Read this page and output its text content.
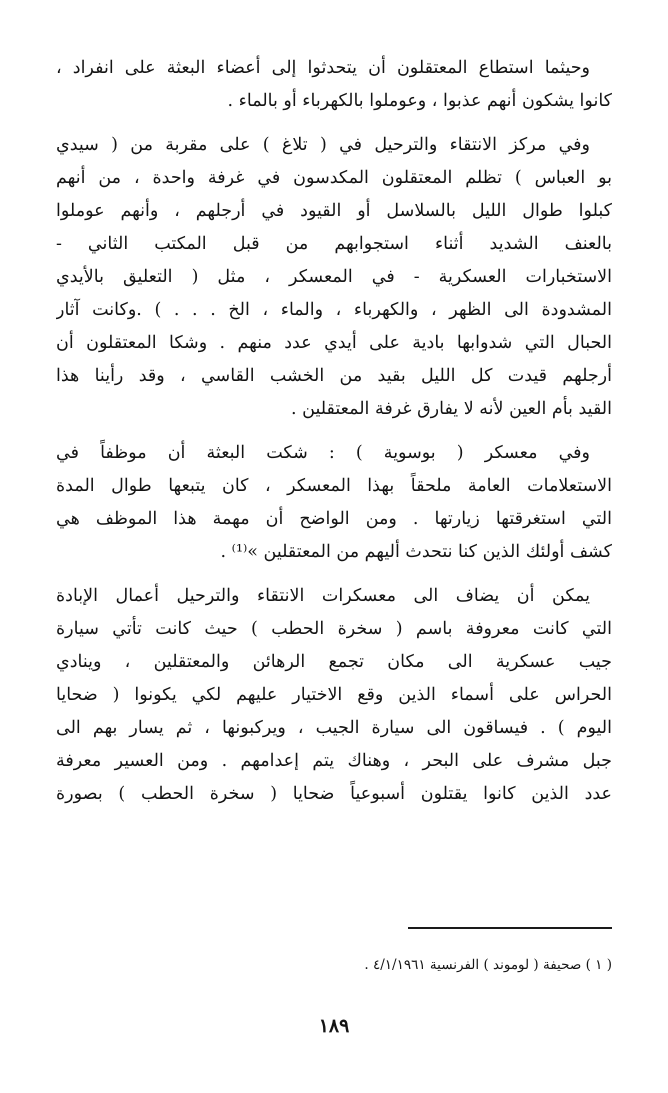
وحيثما استطاع المعتقلون أن يتحدثوا إلى أعضاء البعثة على انفراد ،
كانوا يشكون أنهم عذبوا ، وعوملوا بالكهرباء أو بالماء .
وفي مركز الانتقاء والترحيل في ( تلاغ ) على مقربة من ( سيدي
بو العباس ) تظلم المعتقلون المكدسون في غرفة واحدة ، من أنهم
كبلوا طوال الليل بالسلاسل أو القيود في أرجلهم ، وأنهم عوملوا
بالعنف الشديد أثناء استجوابهم من قبل المكتب الثاني -
الاستخبارات العسكرية - في المعسكر ، مثل ( التعليق بالأيدي
المشدودة الى الظهر ، والكهرباء ، والماء ، الخ . . . ) .وكانت آثار
الحبال التي شدوابها بادية على أيدي عدد منهم . وشكا المعتقلون أن
أرجلهم قيدت كل الليل بقيد من الخشب القاسي ، وقد رأينا هذا
القيد بأم العين لأنه لا يفارق غرفة المعتقلين .
وفي معسكر ( بوسوية ) : شكت البعثة أن موظفاً في
الاستعلامات العامة ملحقاً بهذا المعسكر ، كان يتبعها طوال المدة
التي استغرقتها زيارتها . ومن الواضح أن مهمة هذا الموظف هي
كشف أولئك الذين كنا نتحدث أليهم من المعتقلين »⁽¹⁾ .
يمكن أن يضاف الى معسكرات الانتقاء والترحيل أعمال الإبادة
التي كانت معروفة باسم ( سخرة الحطب ) حيث كانت تأتي سيارة
جيب عسكرية الى مكان تجمع الرهائن والمعتقلين ، وينادي
الحراس على أسماء الذين وقع الاختيار عليهم لكي يكونوا ( ضحايا
اليوم ) . فيساقون الى سيارة الجيب ، ويركبونها ، ثم يسار بهم الى
جبل مشرف على البحر ، وهناك يتم إعدامهم . ومن العسير معرفة
عدد الذين كانوا يقتلون أسبوعياً ضحايا ( سخرة الحطب ) بصورة
( ١ ) صحيفة ( لوموند ) الفرنسية ٤/١/١٩٦١ .
١٨٩
